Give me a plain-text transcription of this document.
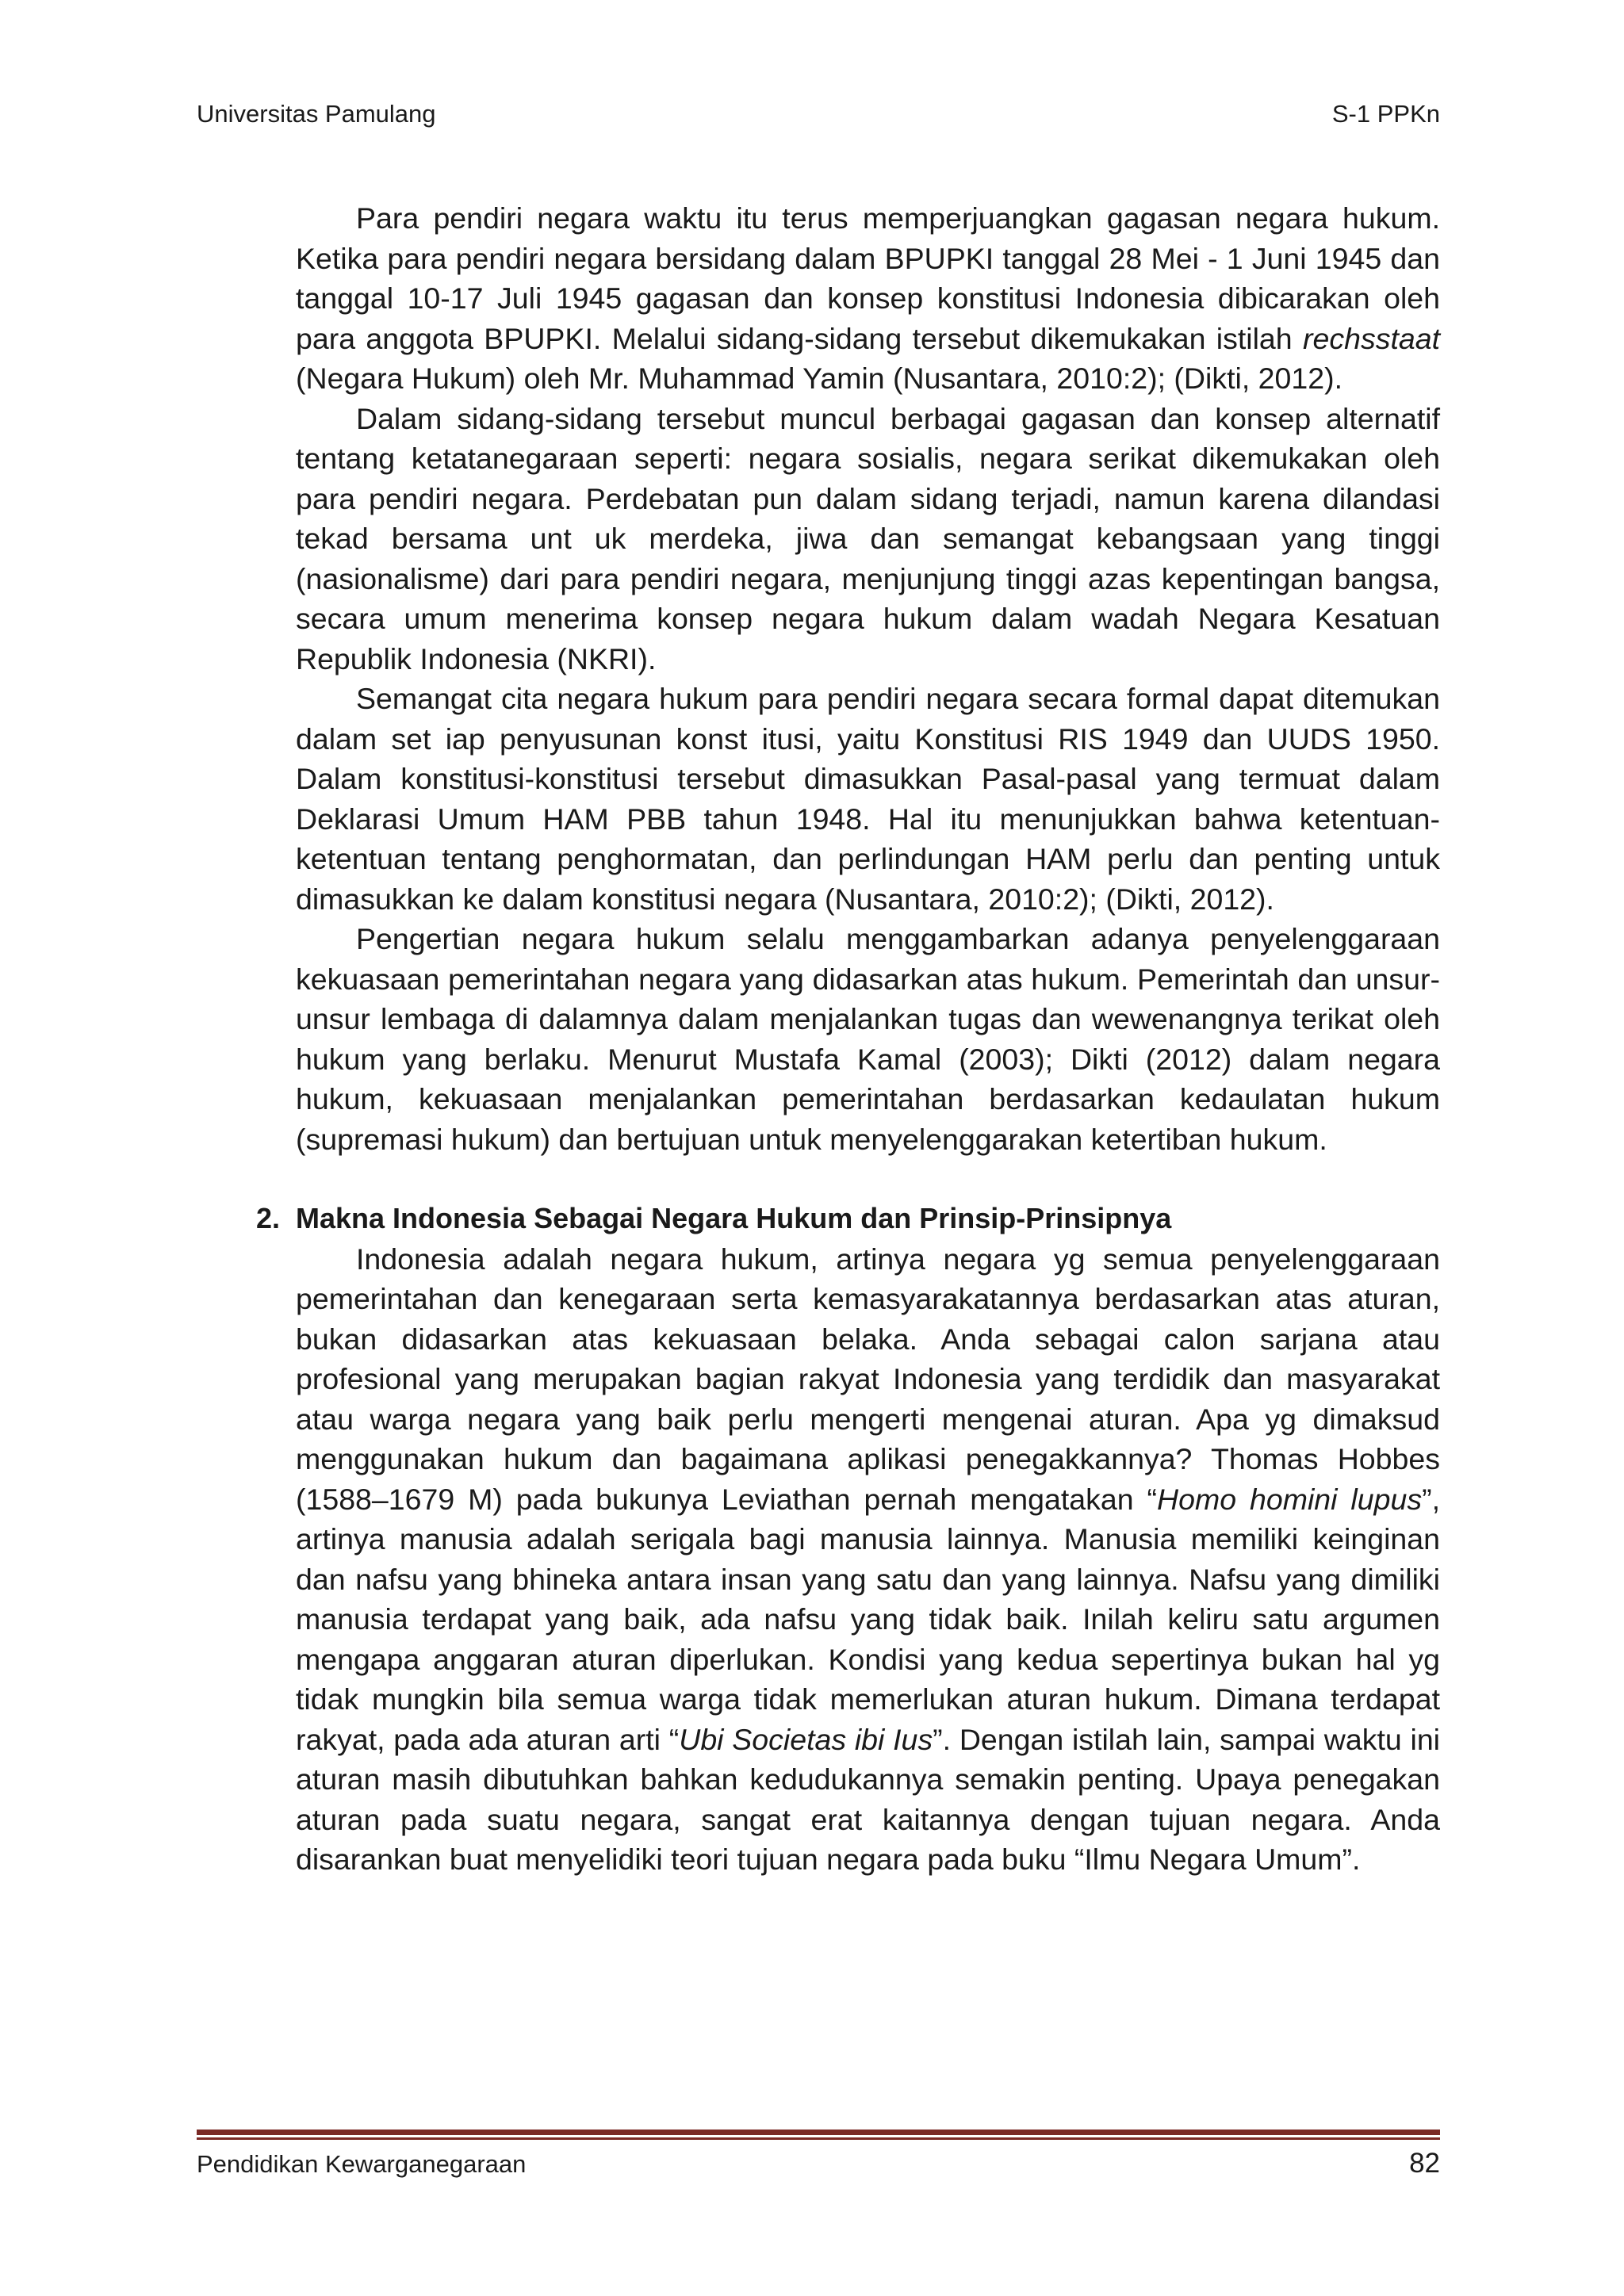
Universitas Pamulang	S-1 PPKn

Para pendiri negara waktu itu terus memperjuangkan gagasan negara hukum. Ketika para pendiri negara bersidang dalam BPUPKI tanggal 28 Mei - 1 Juni 1945 dan tanggal 10-17 Juli 1945 gagasan dan konsep konstitusi Indonesia dibicarakan oleh para anggota BPUPKI. Melalui sidang-sidang tersebut dikemukakan istilah rechsstaat (Negara Hukum) oleh Mr. Muhammad Yamin (Nusantara, 2010:2); (Dikti, 2012).

Dalam sidang-sidang tersebut muncul berbagai gagasan dan konsep alternatif tentang ketatanegaraan seperti: negara sosialis, negara serikat dikemukakan oleh para pendiri negara. Perdebatan pun dalam sidang terjadi, namun karena dilandasi tekad bersama unt uk merdeka, jiwa dan semangat kebangsaan yang tinggi (nasionalisme) dari para pendiri negara, menjunjung tinggi azas kepentingan bangsa, secara umum menerima konsep negara hukum dalam wadah Negara Kesatuan Republik Indonesia (NKRI).

Semangat cita negara hukum para pendiri negara secara formal dapat ditemukan dalam set iap penyusunan konst itusi, yaitu Konstitusi RIS 1949 dan UUDS 1950. Dalam konstitusi-konstitusi tersebut dimasukkan Pasal-pasal yang termuat dalam Deklarasi Umum HAM PBB tahun 1948. Hal itu menunjukkan bahwa ketentuan-ketentuan tentang penghormatan, dan perlindungan HAM perlu dan penting untuk dimasukkan ke dalam konstitusi negara (Nusantara, 2010:2); (Dikti, 2012).

Pengertian negara hukum selalu menggambarkan adanya penyelenggaraan kekuasaan pemerintahan negara yang didasarkan atas hukum. Pemerintah dan unsur-unsur lembaga di dalamnya dalam menjalankan tugas dan wewenangnya terikat oleh hukum yang berlaku. Menurut Mustafa Kamal (2003); Dikti (2012) dalam negara hukum, kekuasaan menjalankan pemerintahan berdasarkan kedaulatan hukum (supremasi hukum) dan bertujuan untuk menyelenggarakan ketertiban hukum.

2. Makna Indonesia Sebagai Negara Hukum dan Prinsip-Prinsipnya

Indonesia adalah negara hukum, artinya negara yg semua penyelenggaraan pemerintahan dan kenegaraan serta kemasyarakatannya berdasarkan atas aturan, bukan didasarkan atas kekuasaan belaka. Anda sebagai calon sarjana atau profesional yang merupakan bagian rakyat Indonesia yang terdidik dan masyarakat atau warga negara yang baik perlu mengerti mengenai aturan. Apa yg dimaksud menggunakan hukum dan bagaimana aplikasi penegakkannya? Thomas Hobbes (1588–1679 M) pada bukunya Leviathan pernah mengatakan “Homo homini lupus”, artinya manusia adalah serigala bagi manusia lainnya. Manusia memiliki keinginan dan nafsu yang bhineka antara insan yang satu dan yang lainnya. Nafsu yang dimiliki manusia terdapat yang baik, ada nafsu yang tidak baik. Inilah keliru satu argumen mengapa anggaran aturan diperlukan. Kondisi yang kedua sepertinya bukan hal yg tidak mungkin bila semua warga tidak memerlukan aturan hukum. Dimana terdapat rakyat, pada ada aturan arti “Ubi Societas ibi Ius”. Dengan istilah lain, sampai waktu ini aturan masih dibutuhkan bahkan kedudukannya semakin penting. Upaya penegakan aturan pada suatu negara, sangat erat kaitannya dengan tujuan negara. Anda disarankan buat menyelidiki teori tujuan negara pada buku “Ilmu Negara Umum”.

Pendidikan Kewarganegaraan	82
